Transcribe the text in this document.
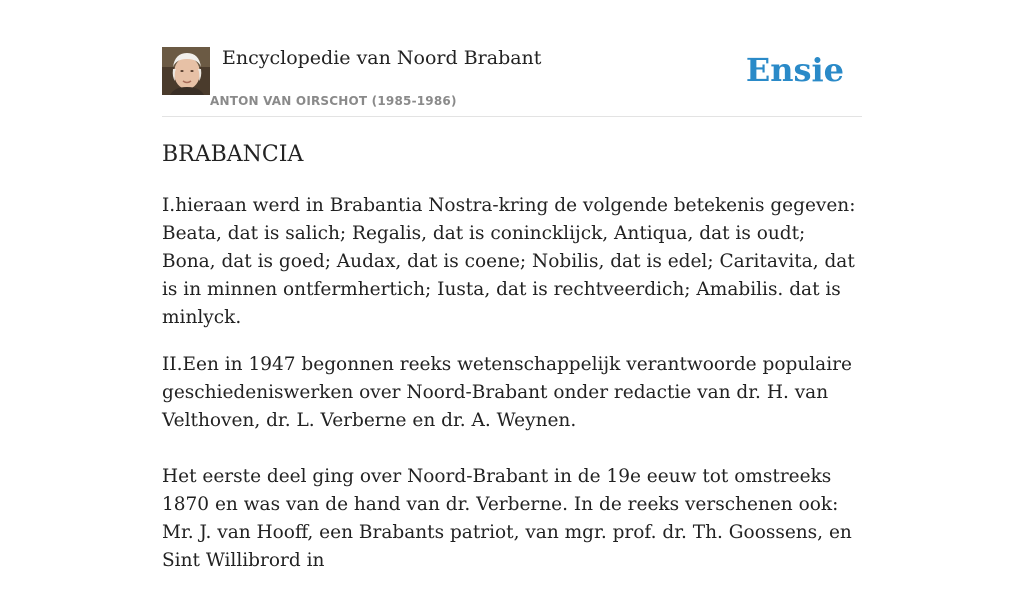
Encyclopedie van Noord Brabant
ANTON VAN OIRSCHOT (1985-1986)
Ensie
BRABANCIA

I.hieraan werd in Brabantia Nostra-kring de volgende betekenis gegeven: Beata, dat is salich; Regalis, dat is conincklijck, Antiqua, dat is oudt; Bona, dat is goed; Audax, dat is coene; Nobilis, dat is edel; Caritavita, dat is in minnen ontfermhertich; Iusta, dat is rechtveerdich; Amabilis. dat is minlyck.

II.Een in 1947 begonnen reeks wetenschappelijk verantwoorde populaire geschiedeniswerken over Noord-Brabant onder redactie van dr. H. van Velthoven, dr. L. Verberne en dr. A. Weynen.

Het eerste deel ging over Noord-Brabant in de 19e eeuw tot omstreeks 1870 en was van de hand van dr. Verberne. In de reeks verschenen ook: Mr. J. van Hooff, een Brabants patriot, van mgr. prof. dr. Th. Goossens, en Sint Willibrord in
